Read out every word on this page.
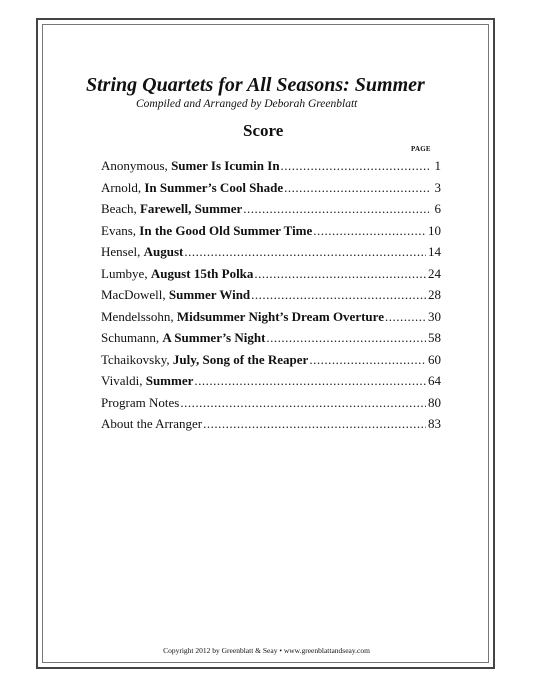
String Quartets for All Seasons: Summer
Compiled and Arranged by Deborah Greenblatt
Score
PAGE
Anonymous, Sumer Is Icumin In .....	1
Arnold, In Summer’s Cool Shade .....	3
Beach, Farewell, Summer .....	6
Evans, In the Good Old Summer Time .....	10
Hensel, August .....	14
Lumbye, August 15th Polka .....	24
MacDowell, Summer Wind .....	28
Mendelssohn, Midsummer Night’s Dream Overture .....	30
Schumann, A Summer’s Night .....	58
Tchaikovsky, July, Song of the Reaper .....	60
Vivaldi, Summer .....	64
Program Notes .....	80
About the Arranger .....	83
Copyright 2012 by Greenblatt & Seay • www.greenblattandseay.com
